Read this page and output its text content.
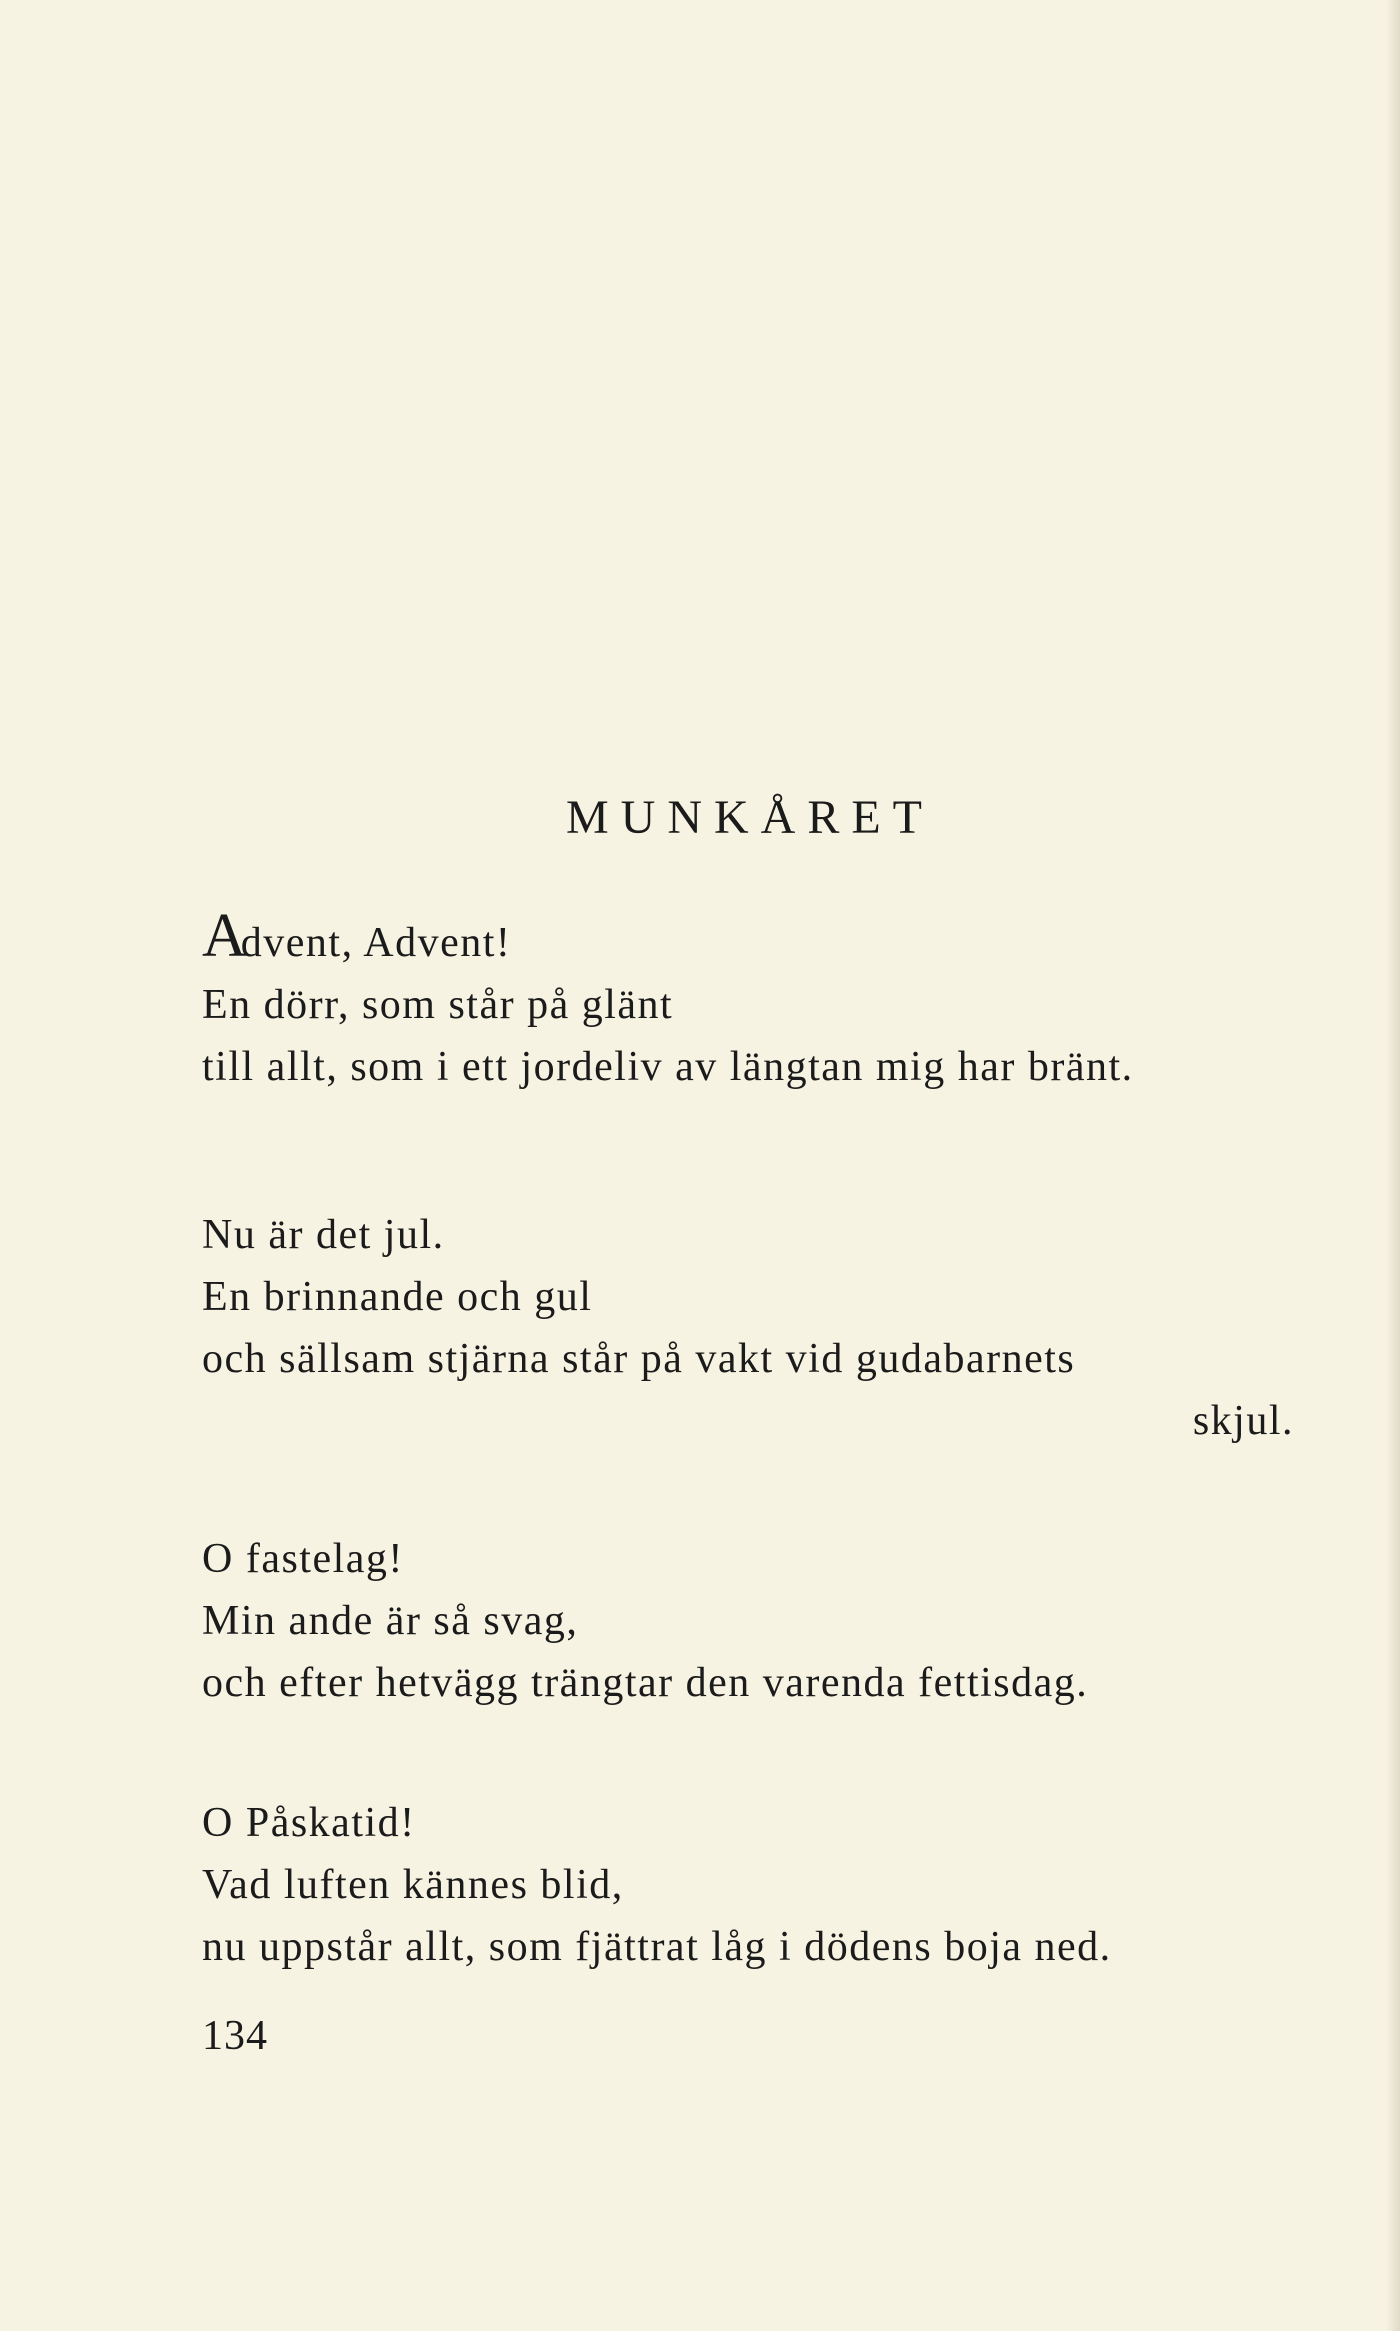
MUNKÅRET
Advent, Advent!
En dörr, som står på glänt
till allt, som i ett jordeliv av längtan mig har bränt.
Nu är det jul.
En brinnande och gul
och sällsam stjärna står på vakt vid gudabarnets
skjul.
O fastelag!
Min ande är så svag,
och efter hetvägg trängtar den varenda fettisdag.
O Påskatid!
Vad luften kännes blid,
nu uppstår allt, som fjättrat låg i dödens boja ned.
134
